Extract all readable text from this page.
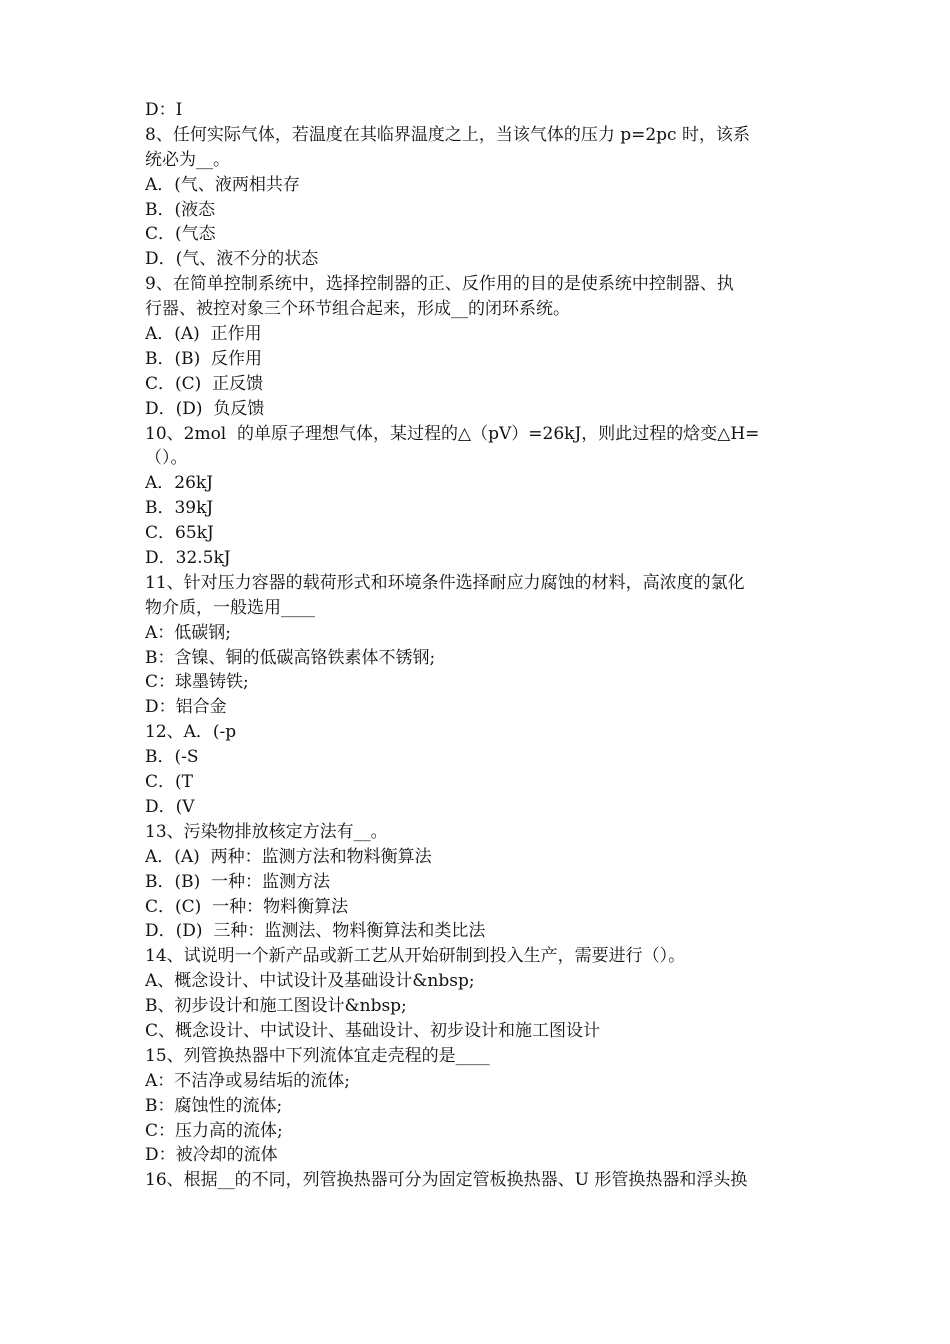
D：I
8、任何实际气体，若温度在其临界温度之上，当该气体的压力 p=2pc 时，该系
统必为__。
A．(气、液两相共存
B．(液态
C．(气态
D．(气、液不分的状态
9、在简单控制系统中，选择控制器的正、反作用的目的是使系统中控制器、执
行器、被控对象三个环节组合起来，形成__的闭环系统。
A．(A)  正作用
B．(B)  反作用
C．(C)  正反馈
D．(D)  负反馈
10、2mol  的单原子理想气体，某过程的△（pV）=26kJ，则此过程的焓变△H=
（）。
A．26kJ
B．39kJ
C．65kJ
D．32.5kJ
11、针对压力容器的载荷形式和环境条件选择耐应力腐蚀的材料，高浓度的氯化
物介质，一般选用____
A：低碳钢;
B：含镍、铜的低碳高铬铁素体不锈钢;
C：球墨铸铁;
D：铝合金
12、A．(-p
B．(-S
C．(T
D．(V
13、污染物排放核定方法有__。
A．(A)  两种：监测方法和物料衡算法
B．(B)  一种：监测方法
C．(C)  一种：物料衡算法
D．(D)  三种：监测法、物料衡算法和类比法
14、试说明一个新产品或新工艺从开始研制到投入生产，需要进行（）。
A、概念设计、中试设计及基础设计&nbsp;
B、初步设计和施工图设计&nbsp;
C、概念设计、中试设计、基础设计、初步设计和施工图设计
15、列管换热器中下列流体宜走壳程的是____
A：不洁净或易结垢的流体;
B：腐蚀性的流体;
C：压力高的流体;
D：被冷却的流体
16、根据__的不同，列管换热器可分为固定管板换热器、U 形管换热器和浮头换
